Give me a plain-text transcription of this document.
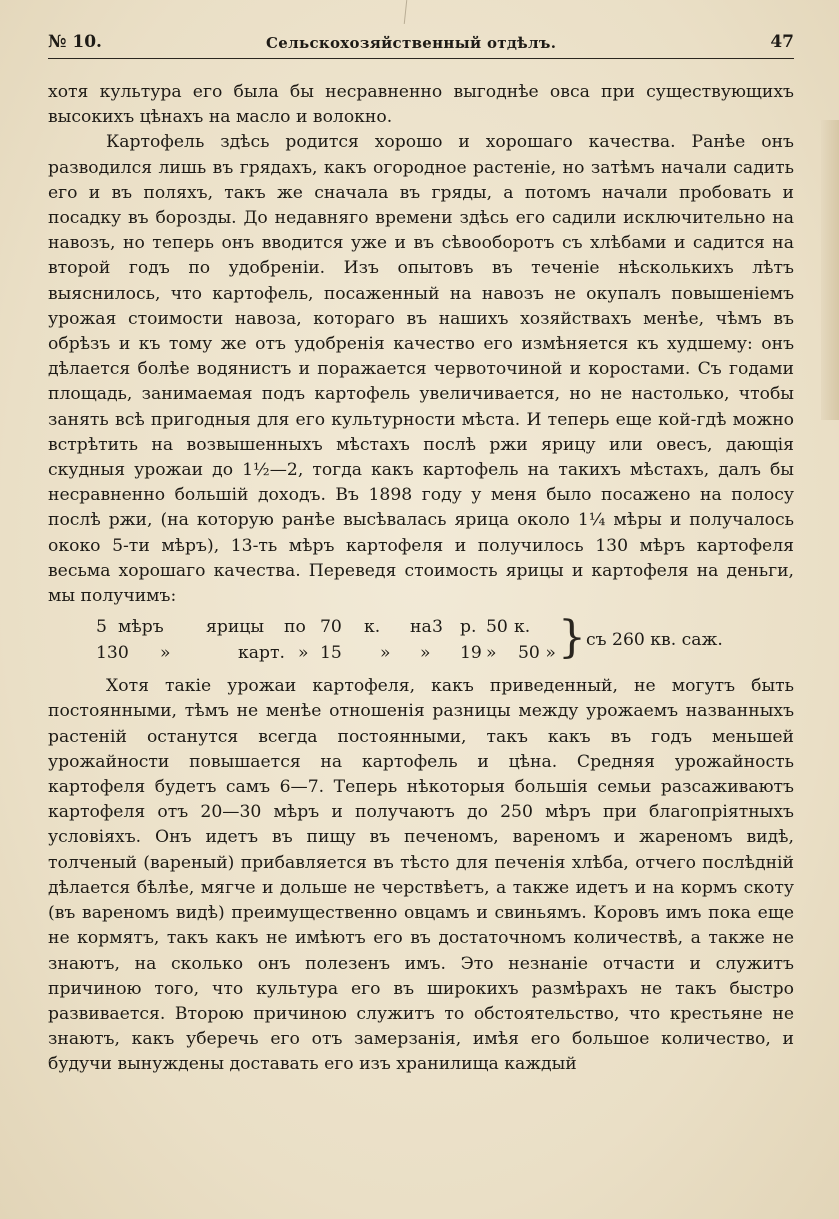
№ 10.	Сельскохозяйственный отдѣлъ.	47

хотя культура его была бы несравненно выгоднѣе овса при существующихъ высокихъ цѣнахъ на масло и волокно.

Картофель здѣсь родится хорошо и хорошаго качества. Ранѣе онъ разводился лишь въ грядахъ, какъ огородное растеніе, но затѣмъ начали садить его и въ поляхъ, такъ же сначала въ гряды, а потомъ начали пробовать и посадку въ борозды. До недавняго времени здѣсь его садили исключительно на навозъ, но теперь онъ вводится уже и въ сѣвооборотъ съ хлѣбами и садится на второй годъ по удобреніи. Изъ опытовъ въ теченіе нѣсколькихъ лѣтъ выяснилось, что картофель, посаженный на навозъ не окупалъ повышеніемъ урожая стоимости навоза, котораго въ нашихъ хозяйствахъ менѣе, чѣмъ въ обрѣзъ и къ тому же отъ удобренія качество его измѣняется къ худшему: онъ дѣлается болѣе водянистъ и поражается червоточиной и коростами. Съ годами площадь, занимаемая подъ картофель увеличивается, но не настолько, чтобы занять всѣ пригодныя для его культурности мѣста. И теперь еще кой-гдѣ можно встрѣтить на возвышенныхъ мѣстахъ послѣ ржи ярицу или овесъ, дающія скудныя урожаи до 1½—2, тогда какъ картофель на такихъ мѣстахъ, далъ бы несравненно большій доходъ. Въ 1898 году у меня было посажено на полосу послѣ ржи, (на которую ранѣе высѣвалась ярица около 1¼ мѣры и получалось ококо 5-ти мѣръ), 13-ть мѣръ картофеля и получилось 130 мѣръ картофеля весьма хорошаго качества. Переведя стоимость ярицы и картофеля на деньги, мы получимъ:

5 мѣръ ярицы по 70 к. на 3 р. 50 к.
130 »	карт. » 15 » » 19 » 50 » } съ 260 кв. саж.

Хотя такіе урожаи картофеля, какъ приведенный, не могутъ быть постоянными, тѣмъ не менѣе отношенія разницы между урожаемъ названныхъ растеній останутся всегда постоянными, такъ какъ въ годъ меньшей урожайности повышается на картофель и цѣна. Средняя урожайность картофеля будетъ самъ 6—7. Теперь нѣкоторыя большія семьи разсаживаютъ картофеля отъ 20—30 мѣръ и получаютъ до 250 мѣръ при благопріятныхъ условіяхъ. Онъ идетъ въ пищу въ печеномъ, вареномъ и жареномъ видѣ, толченый (вареный) прибавляется въ тѣсто для печенія хлѣба, отчего послѣдній дѣлается бѣлѣе, мягче и дольше не черствѣетъ, а также идетъ и на кормъ скоту (въ вареномъ видѣ) преимущественно овцамъ и свиньямъ. Коровъ имъ пока еще не кормятъ, такъ какъ не имѣютъ его въ достаточномъ количествѣ, а также не знаютъ, на сколько онъ полезенъ имъ. Это незнаніе отчасти и служитъ причиною того, что культура его въ широкихъ размѣрахъ не такъ быстро развивается. Второю причиною служитъ то обстоятельство, что крестьяне не знаютъ, какъ уберечь его отъ замерзанія, имѣя его большое количество, и будучи вынуждены доставать его изъ хранилища каждый
